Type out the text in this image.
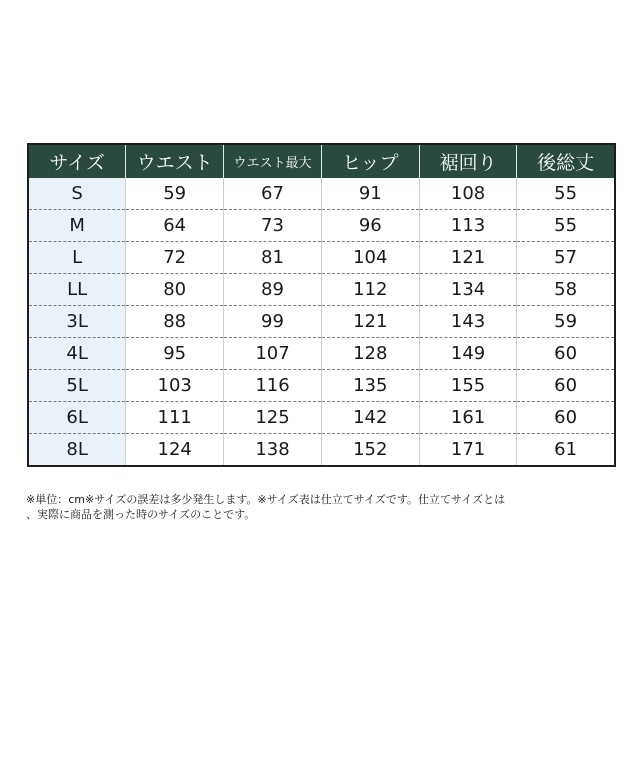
サイズ	ウエスト	ウエスト最大	ヒップ	裾回り	後総丈
S	59	67	91	108	55
M	64	73	96	113	55
L	72	81	104	121	57
LL	80	89	112	134	58
3L	88	99	121	143	59
4L	95	107	128	149	60
5L	103	116	135	155	60
6L	111	125	142	161	60
8L	124	138	152	171	61
※単位：cm※サイズの誤差は多少発生します。※サイズ表は仕立てサイズです。仕立てサイズとは
、実際に商品を測った時のサイズのことです。
